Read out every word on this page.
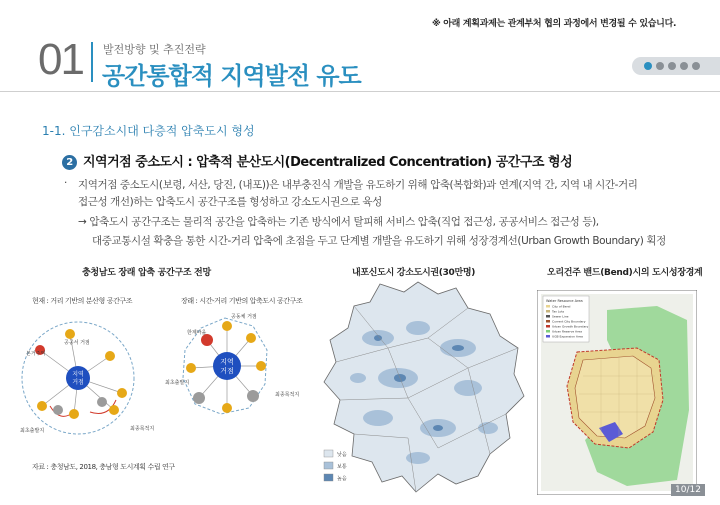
※ 아래 계획과제는 관계부처 협의 과정에서 변경될 수 있습니다.
01 발전방향 및 추진전략
공간통합적 지역발전 유도
1-1. 인구감소시대 다층적 압축도시 형성
2 지역거점 중소도시 : 압축적 분산도시(Decentralized Concentration) 공간구조 형성
· 지역거점 중소도시(보령, 서산, 당진, (내포))은 내부충진식 개발을 유도하기 위해 압축(복합화)과 연계(지역 간, 지역 내 시간-거리
접근성 개선)하는 압축도시 공간구조를 형성하고 강소도시권으로 육성
→ 압축도시 공간구조는 물리적 공간을 압축하는 기존 방식에서 탈피해 서비스 압축(직업 접근성, 공공서비스 접근성 등),
대중교통시설 확충을 통한 시간-거리 압축에 초점을 두고 단계별 개발을 유도하기 위해 성장경계선(Urban Growth Boundary) 획정
충청남도 장래 압축 공간구조 전망	내포신도시 강소도시권(30만명)	오리건주 밴드(Bend)시의 도시성장경계
현재 : 거리 기반의 분산형 공간구조	장래 : 시간-거리 기반의 압축도시 공간구조
지역
거점
본거주역
공공서 거점
최초출발지	최종목적지
지역
거점
한계마을
공동체 거점
최초출발지
최종목적지
자료 : 충청남도, 2018, 충남형 도시계획 수립 연구
낮음
보통
높음
Water Resource Area
City of Bend
Tax Lots
Sewer Line
Current City Boundary
Urban Growth Boundary
Urban Reserve Area
UGB Expansion Area
10/12
